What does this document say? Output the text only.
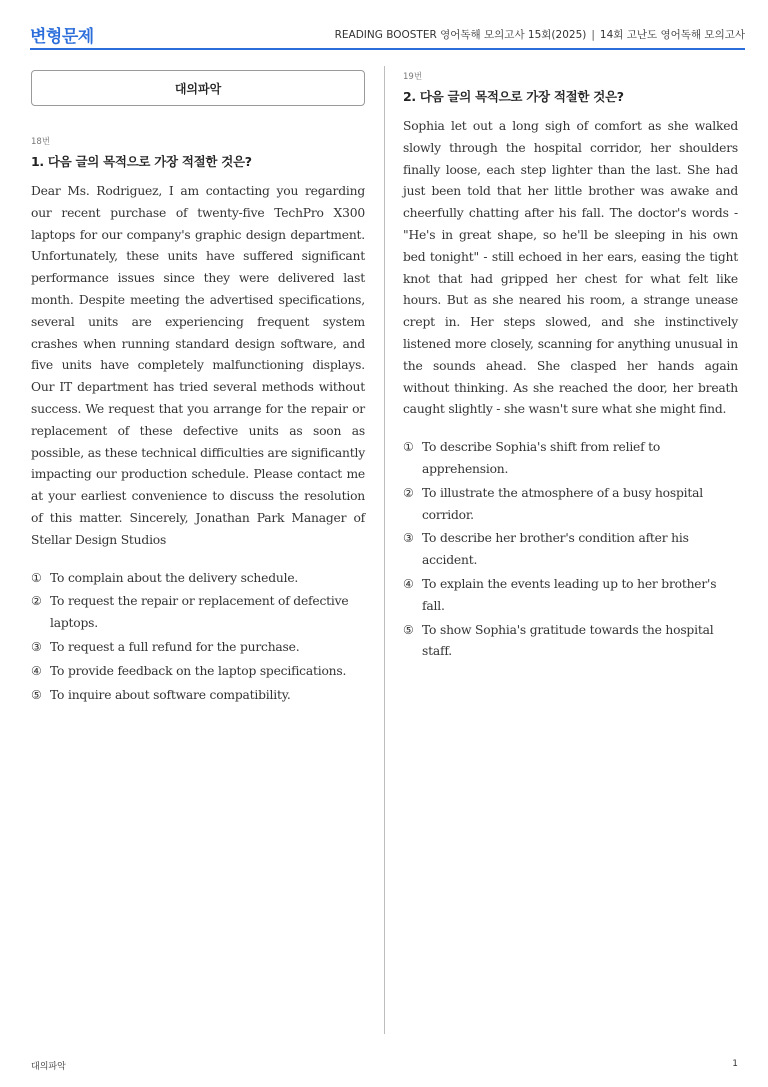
변형문제	READING BOOSTER 영어독해 모의고사 15회(2025) | 14회 고난도 영어독해 모의고사
대의파악
18번
1. 다음 글의 목적으로 가장 적절한 것은?

Dear Ms. Rodriguez, I am contacting you regarding our recent purchase of twenty-five TechPro X300 laptops for our company's graphic design department. Unfortunately, these units have suffered significant performance issues since they were delivered last month. Despite meeting the advertised specifications, several units are experiencing frequent system crashes when running standard design software, and five units have completely malfunctioning displays. Our IT department has tried several methods without success. We request that you arrange for the repair or replacement of these defective units as soon as possible, as these technical difficulties are significantly impacting our production schedule. Please contact me at your earliest convenience to discuss the resolution of this matter. Sincerely, Jonathan Park Manager of Stellar Design Studios

① To complain about the delivery schedule.
② To request the repair or replacement of defective laptops.
③ To request a full refund for the purchase.
④ To provide feedback on the laptop specifications.
⑤ To inquire about software compatibility.
19번
2. 다음 글의 목적으로 가장 적절한 것은?

Sophia let out a long sigh of comfort as she walked slowly through the hospital corridor, her shoulders finally loose, each step lighter than the last. She had just been told that her little brother was awake and cheerfully chatting after his fall. The doctor's words - "He's in great shape, so he'll be sleeping in his own bed tonight" - still echoed in her ears, easing the tight knot that had gripped her chest for what felt like hours. But as she neared his room, a strange unease crept in. Her steps slowed, and she instinctively listened more closely, scanning for anything unusual in the sounds ahead. She clasped her hands again without thinking. As she reached the door, her breath caught slightly - she wasn't sure what she might find.

① To describe Sophia's shift from relief to apprehension.
② To illustrate the atmosphere of a busy hospital corridor.
③ To describe her brother's condition after his accident.
④ To explain the events leading up to her brother's fall.
⑤ To show Sophia's gratitude towards the hospital staff.
대의파악	1
